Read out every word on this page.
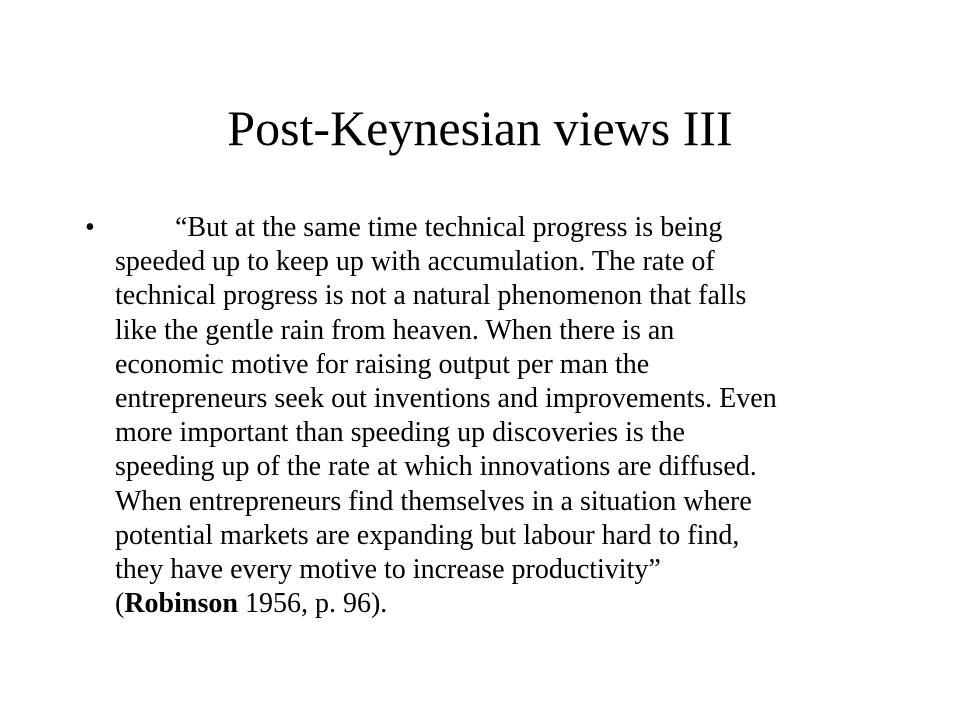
Post-Keynesian views III
•	“But at the same time technical progress is being
speeded up to keep up with accumulation. The rate of
technical progress is not a natural phenomenon that falls
like the gentle rain from heaven. When there is an
economic motive for raising output per man the
entrepreneurs seek out inventions and improvements. Even
more important than speeding up discoveries is the
speeding up of the rate at which innovations are diffused.
When entrepreneurs find themselves in a situation where
potential markets are expanding but labour hard to find,
they have every motive to increase productivity”
(Robinson 1956, p. 96).
